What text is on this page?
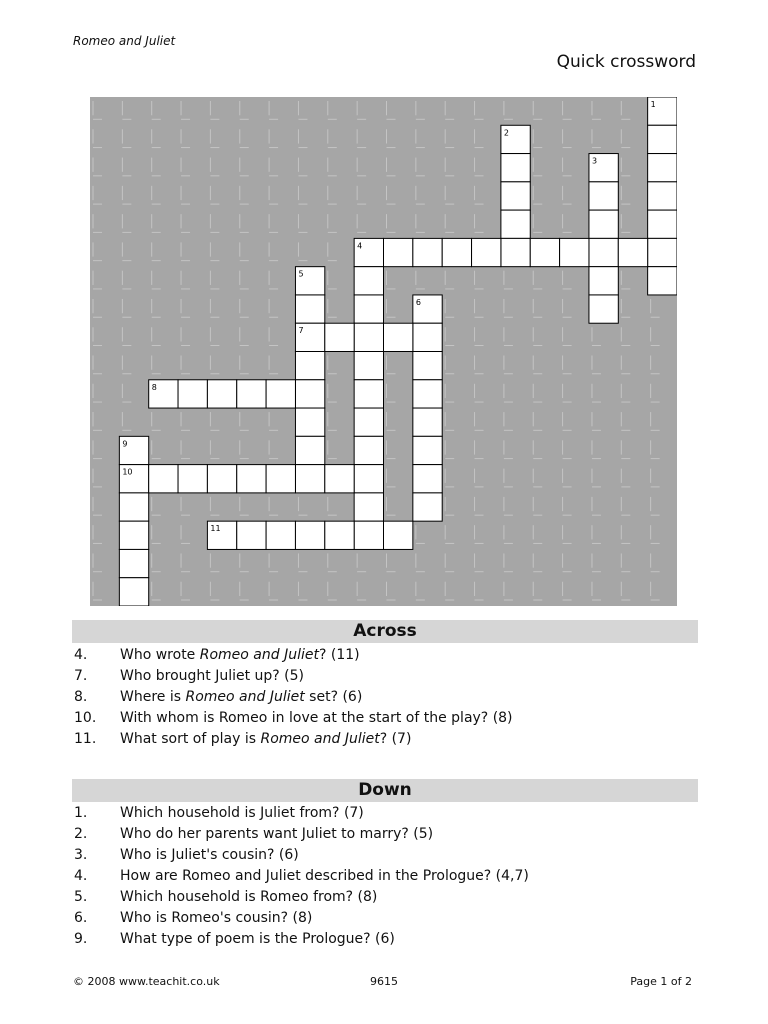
Romeo and Juliet
Quick crossword
1
2
3
4
5
6
7
8
9
10
11
Across
4. Who wrote Romeo and Juliet? (11)
7. Who brought Juliet up? (5)
8. Where is Romeo and Juliet set? (6)
10. With whom is Romeo in love at the start of the play? (8)
11. What sort of play is Romeo and Juliet? (7)
Down
1. Which household is Juliet from? (7)
2. Who do her parents want Juliet to marry? (5)
3. Who is Juliet's cousin? (6)
4. How are Romeo and Juliet described in the Prologue? (4,7)
5. Which household is Romeo from? (8)
6. Who is Romeo's cousin? (8)
9. What type of poem is the Prologue? (6)
© 2008 www.teachit.co.uk	9615	Page 1 of 2
